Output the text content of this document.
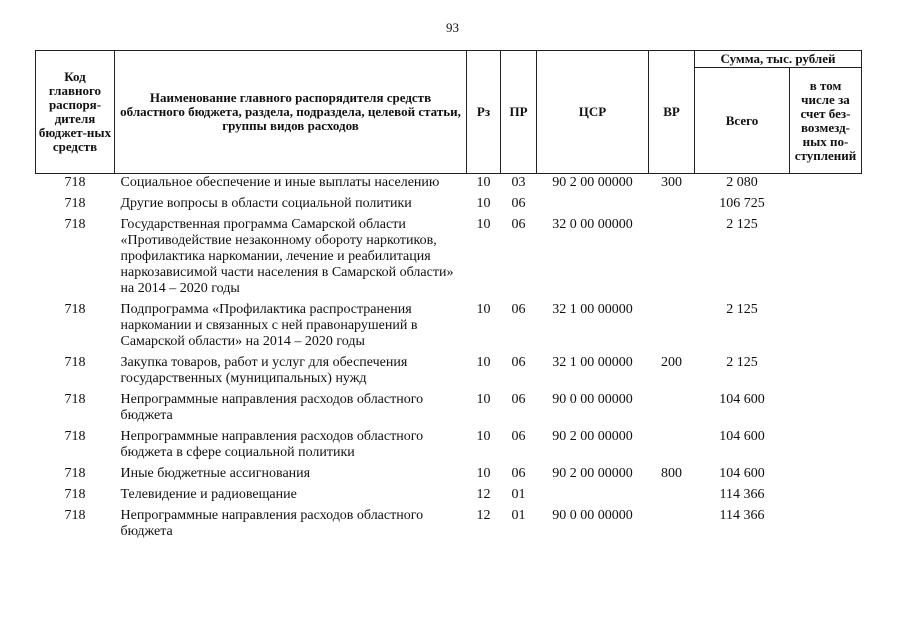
93
Код главного распоря-дителя бюджет-ных средств	Наименование главного распорядителя средств областного бюджета, раздела, подраздела, целевой статьи, группы видов расходов	Рз	ПР	ЦСР	ВР	Сумма, тыс. рублей	
						Всего	в том числе за счет без-возмезд-ных по-ступлений
718	Социальное обеспечение и иные выплаты населению	10	03	90 2 00 00000	300	2 080	
718	Другие вопросы в области социальной политики	10	06			106 725	
718	Государственная программа Самарской области «Противодействие незаконному обороту наркотиков, профилактика наркомании, лечение и реабилитация наркозависимой части населения в Самарской области» на 2014 – 2020 годы	10	06	32 0 00 00000		2 125	
718	Подпрограмма «Профилактика распространения наркомании и связанных с ней правонарушений в Самарской области» на 2014 – 2020 годы	10	06	32 1 00 00000		2 125	
718	Закупка товаров, работ и услуг для обеспечения государственных (муниципальных) нужд	10	06	32 1 00 00000	200	2 125	
718	Непрограммные направления расходов областного бюджета	10	06	90 0 00 00000		104 600	
718	Непрограммные направления расходов областного бюджета в сфере социальной политики	10	06	90 2 00 00000		104 600	
718	Иные бюджетные ассигнования	10	06	90 2 00 00000	800	104 600	
718	Телевидение и радиовещание	12	01			114 366	
718	Непрограммные направления расходов областного бюджета	12	01	90 0 00 00000		114 366	
